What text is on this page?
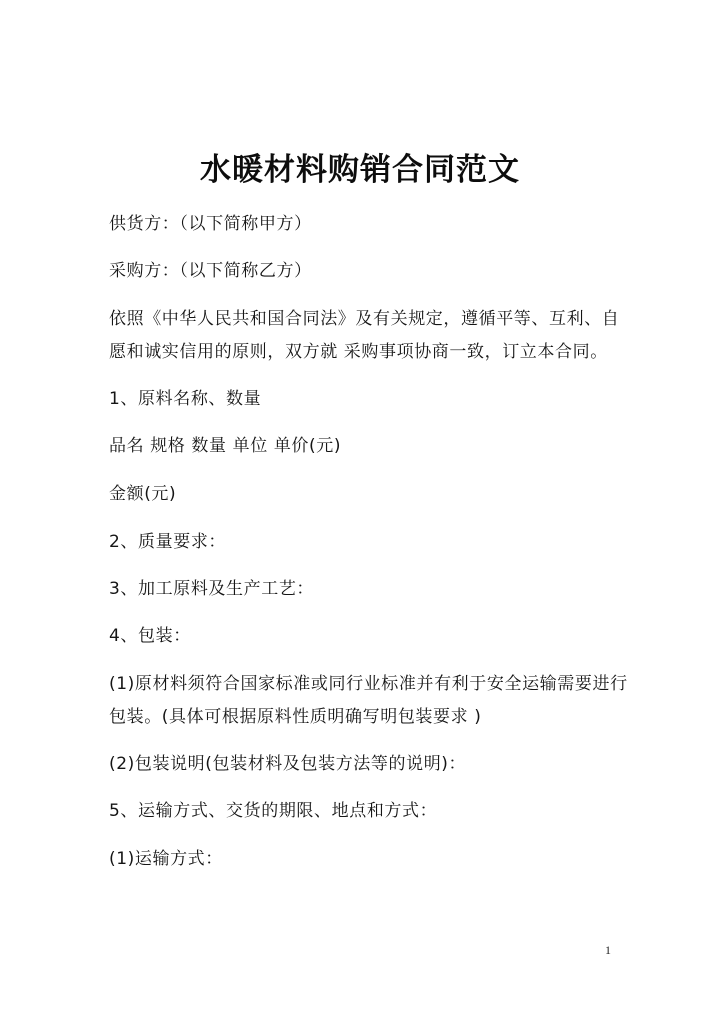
水暖材料购销合同范文
供货方：（以下简称甲方）
采购方：（以下简称乙方）
依照《中华人民共和国合同法》及有关规定，遵循平等、互利、自
愿和诚实信用的原则，双方就 采购事项协商一致，订立本合同。
1、原料名称、数量
品名 规格 数量 单位 单价(元)
金额(元)
2、质量要求：
3、加工原料及生产工艺：
4、包装：
(1)原材料须符合国家标准或同行业标准并有利于安全运输需要进行
包装。(具体可根据原料性质明确写明包装要求 )
(2)包装说明(包装材料及包装方法等的说明)：
5、运输方式、交货的期限、地点和方式：
(1)运输方式：
1
